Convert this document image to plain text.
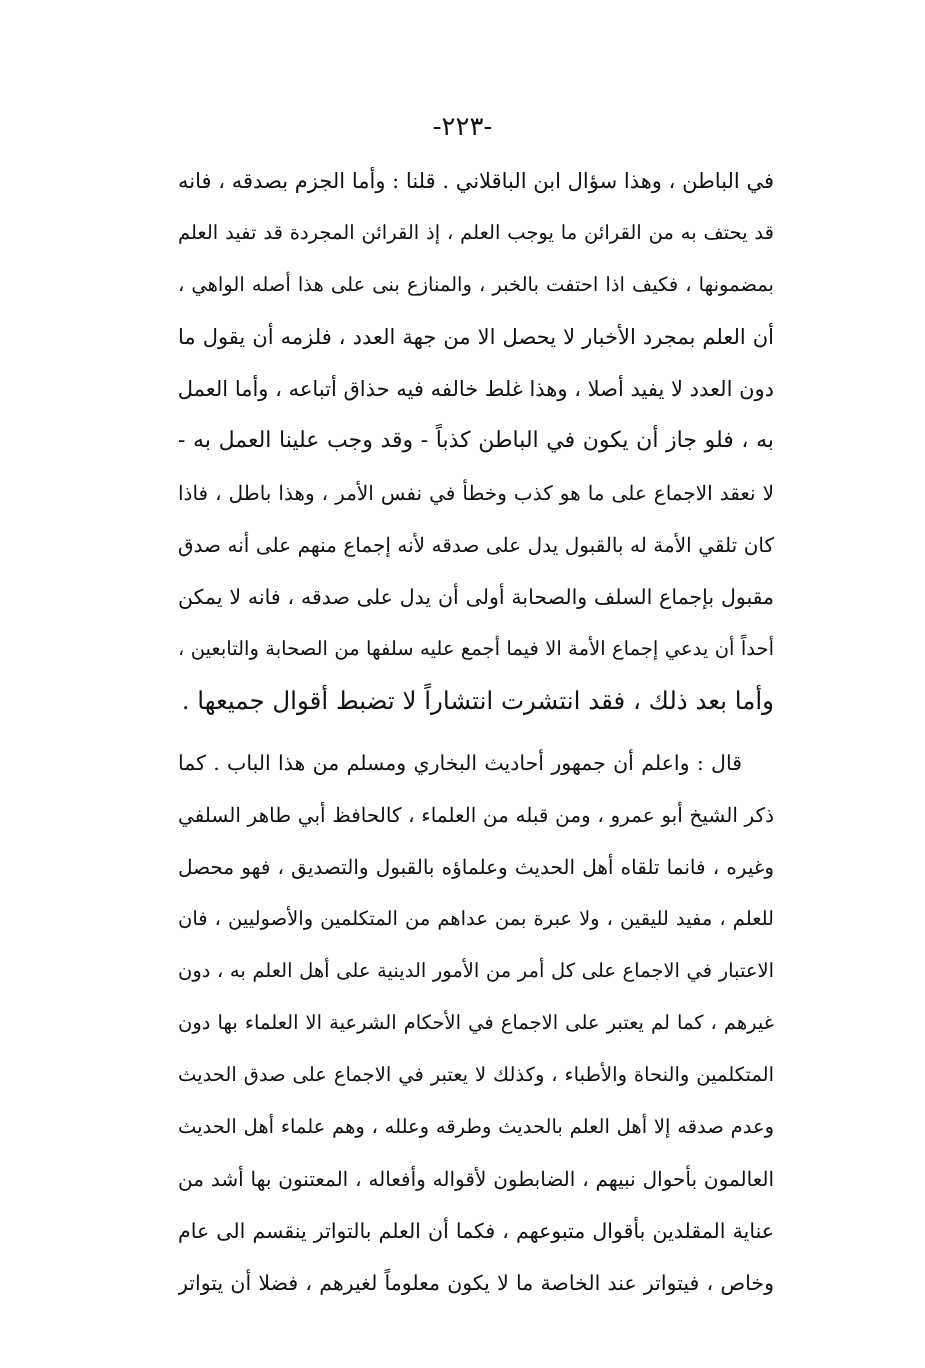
-٢٢٣-
في الباطن ، وهذا سؤال ابن الباقلاني . قلنا : وأما الجزم بصدقه ، فانه
قد يحتف به من القرائن ما يوجب العلم ، إذ القرائن المجردة قد تفيد العلم
بمضمونها ، فكيف اذا احتفت بالخبر ، والمنازع بنى على هذا أصله الواهي ،
أن العلم بمجرد الأخبار لا يحصل الا من جهة العدد ، فلزمه أن يقول ما
دون العدد لا يفيد أصلا ، وهذا غلط خالفه فيه حذاق أتباعه ، وأما العمل
به ، فلو جاز أن يكون في الباطن كذباً - وقد وجب علينا العمل به -
لا نعقد الاجماع على ما هو كذب وخطأ في نفس الأمر ، وهذا باطل ، فاذا
كان تلقي الأمة له بالقبول يدل على صدقه لأنه إجماع منهم على أنه صدق
مقبول بإجماع السلف والصحابة أولى أن يدل على صدقه ، فانه لا يمكن
أحداً أن يدعي إجماع الأمة الا فيما أجمع عليه سلفها من الصحابة والتابعين ،
وأما بعد ذلك ، فقد انتشرت انتشاراً لا تضبط أقوال جميعها .
قال : واعلم أن جمهور أحاديث البخاري ومسلم من هذا الباب . كما
ذكر الشيخ أبو عمرو ، ومن قبله من العلماء ، كالحافظ أبي طاهر السلفي
وغيره ، فانما تلقاه أهل الحديث وعلماؤه بالقبول والتصديق ، فهو محصل
للعلم ، مفيد لليقين ، ولا عبرة بمن عداهم من المتكلمين والأصوليين ، فان
الاعتبار في الاجماع على كل أمر من الأمور الدينية على أهل العلم به ، دون
غيرهم ، كما لم يعتبر على الاجماع في الأحكام الشرعية الا العلماء بها دون
المتكلمين والنحاة والأطباء ، وكذلك لا يعتبر في الاجماع على صدق الحديث
وعدم صدقه إلا أهل العلم بالحديث وطرقه وعلله ، وهم علماء أهل الحديث
العالمون بأحوال نبيهم ، الضابطون لأقواله وأفعاله ، المعتنون بها أشد من
عناية المقلدين بأقوال متبوعهم ، فكما أن العلم بالتواتر ينقسم الى عام
وخاص ، فيتواتر عند الخاصة ما لا يكون معلوماً لغيرهم ، فضلا أن يتواتر
